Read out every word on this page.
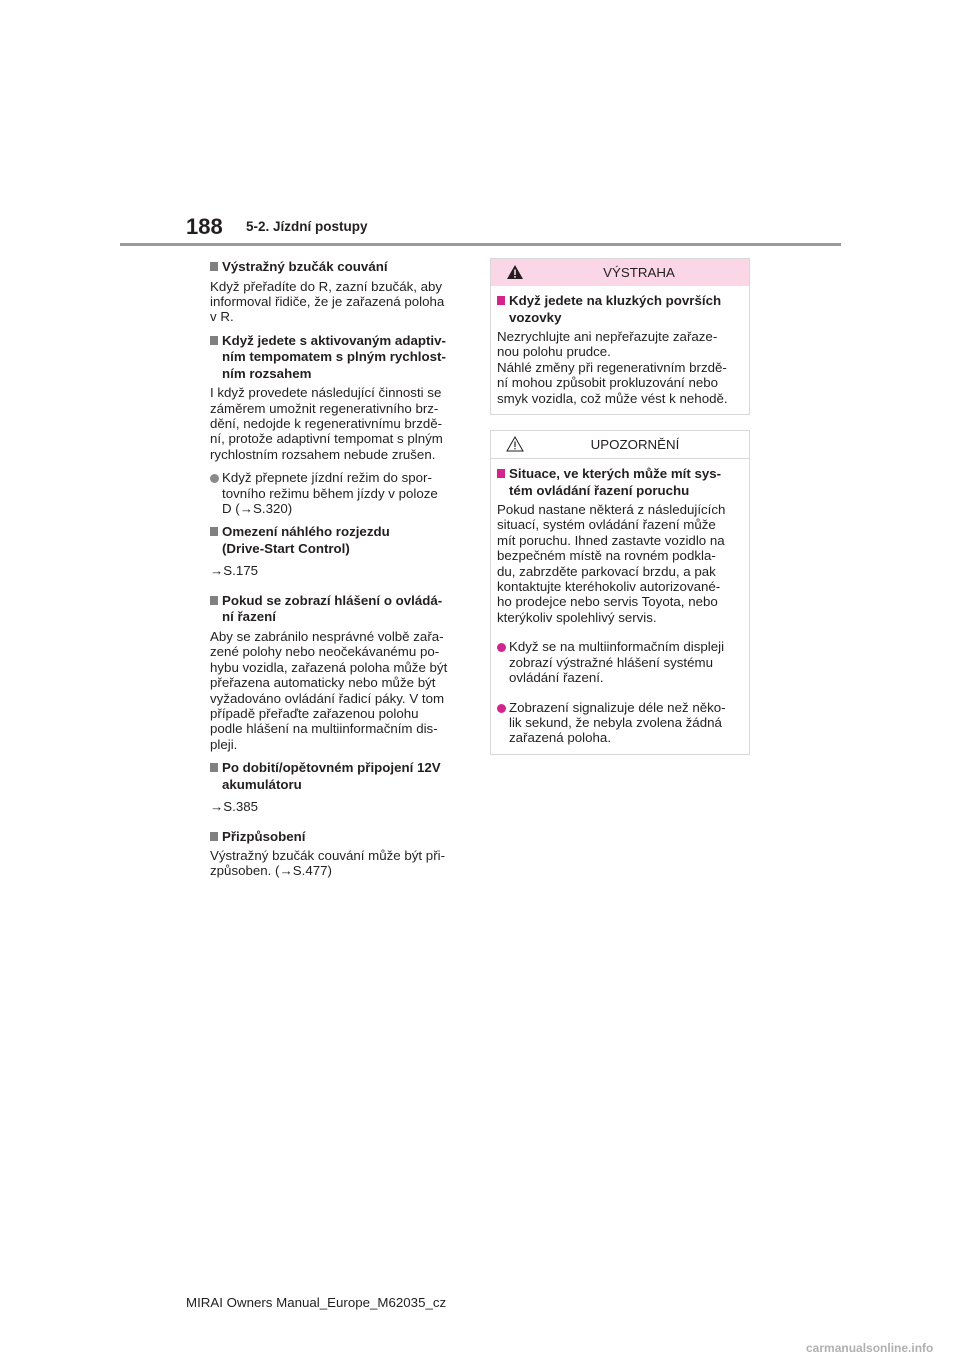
188 5-2. Jízdní postupy
Výstražný bzučák couvání
Když přeřadíte do R, zazní bzučák, aby
informoval řidiče, že je zařazená poloha
v R.
Když jedete s aktivovaným adaptiv-
ním tempomatem s plným rychlost-
ním rozsahem
I když provedete následující činnosti se
záměrem umožnit regenerativního brz-
dění, nedojde k regenerativnímu brzdě-
ní, protože adaptivní tempomat s plným
rychlostním rozsahem nebude zrušen.
Když přepnete jízdní režim do spor-
tovního režimu během jízdy v poloze
D (→S.320)
Omezení náhlého rozjezdu
(Drive-Start Control)
→S.175
Pokud se zobrazí hlášení o ovládá-
ní řazení
Aby se zabránilo nesprávné volbě zařa-
zené polohy nebo neočekávanému po-
hybu vozidla, zařazená poloha může být
přeřazena automaticky nebo může být
vyžadováno ovládání řadicí páky. V tom
případě přeřaďte zařazenou polohu
podle hlášení na multiinformačním dis-
pleji.
Po dobití/opětovném připojení 12V
akumulátoru
→S.385
Přizpůsobení
Výstražný bzučák couvání může být při-
způsoben. (→S.477)
VÝSTRAHA
Když jedete na kluzkých površích
vozovky
Nezrychlujte ani nepřeřazujte zařaze-
nou polohu prudce.
Náhlé změny při regenerativním brzdě-
ní mohou způsobit prokluzování nebo
smyk vozidla, což může vést k nehodě.
UPOZORNĚNÍ
Situace, ve kterých může mít sys-
tém ovládání řazení poruchu
Pokud nastane některá z následujících
situací, systém ovládání řazení může
mít poruchu. Ihned zastavte vozidlo na
bezpečném místě na rovném podkla-
du, zabrzděte parkovací brzdu, a pak
kontaktujte kteréhokoliv autorizované-
ho prodejce nebo servis Toyota, nebo
kterýkoliv spolehlivý servis.
Když se na multiinformačním displeji
zobrazí výstražné hlášení systému
ovládání řazení.
Zobrazení signalizuje déle než něko-
lik sekund, že nebyla zvolena žádná
zařazená poloha.
MIRAI Owners Manual_Europe_M62035_cz
carmanualsonline.info
